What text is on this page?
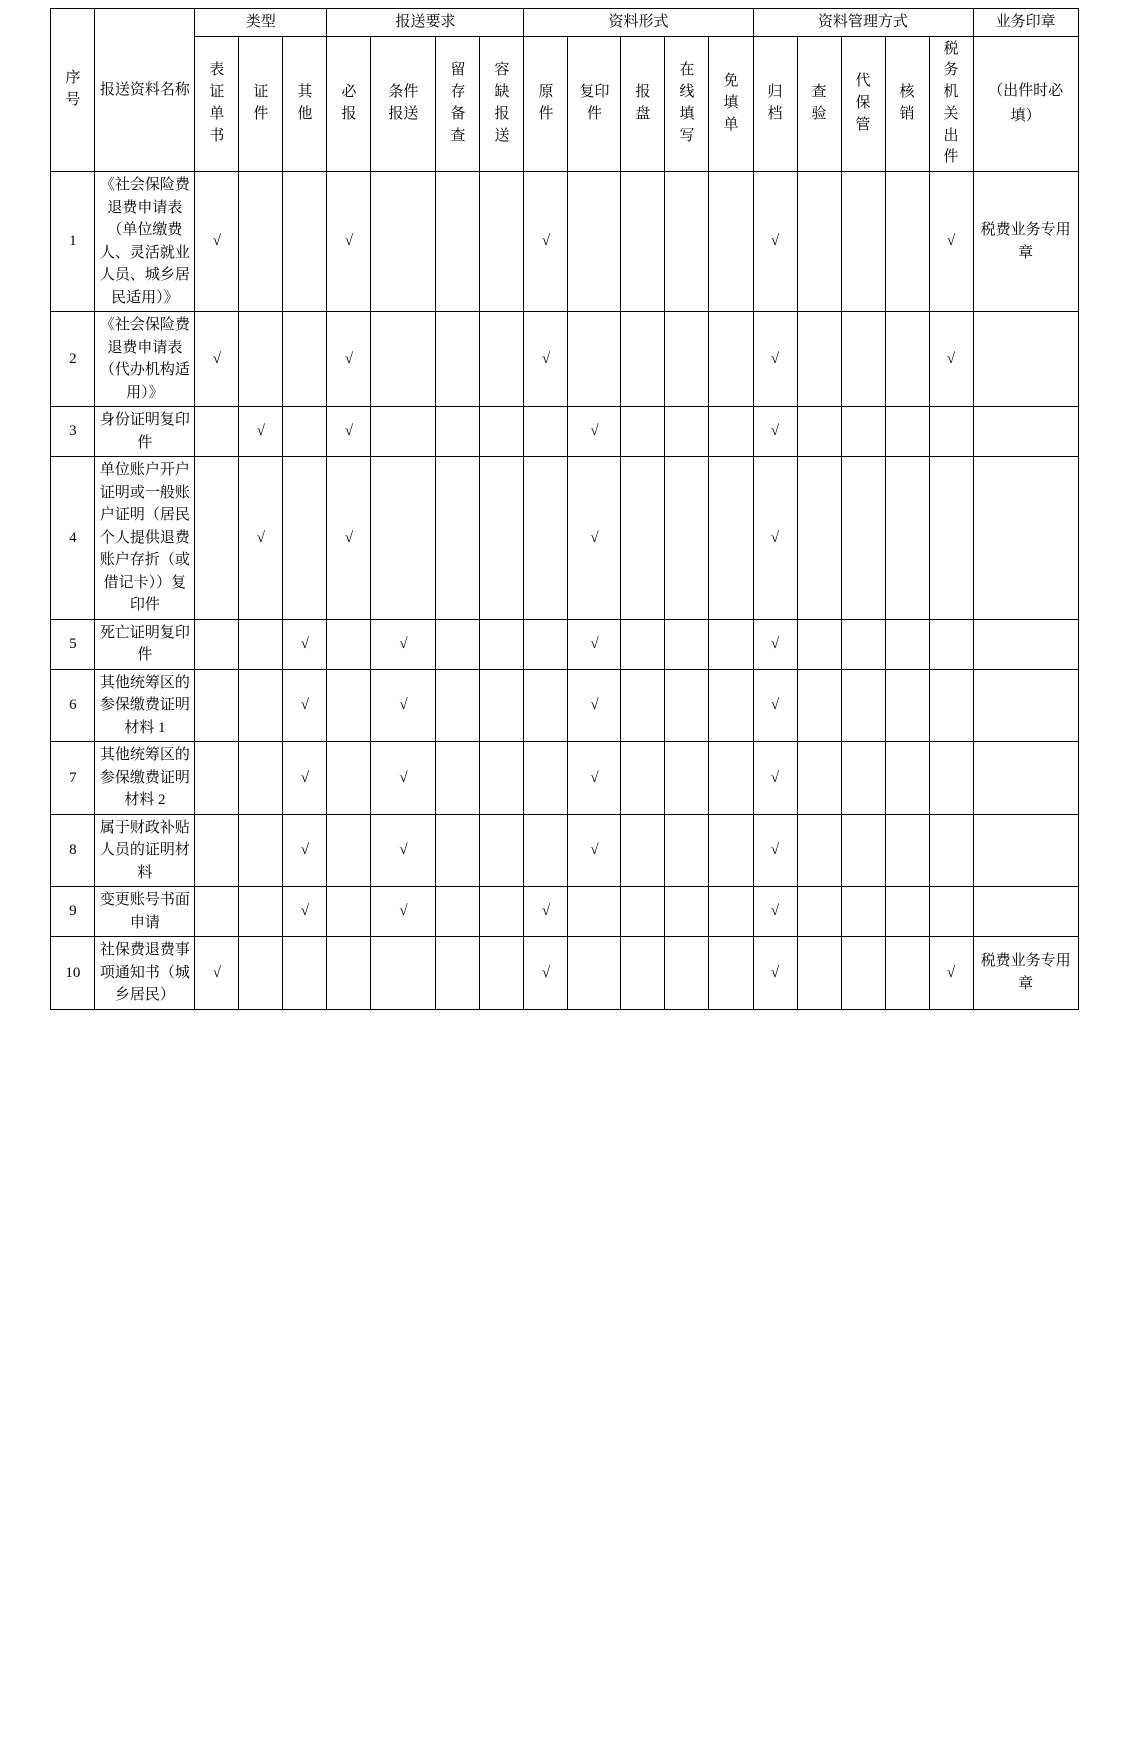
序号	报送资料名称	类型			报送要求				资料形式					资料管理方式					业务印章

		表证单书	证件	其他	必报	条件报送	留存备查	容缺报送	原件	复印件	报盘	在线填写	免填单	归档	查验	代保管	核销	税务机关出件	（出件时必填）

1	《社会保险费退费申请表（单位缴费人、灵活就业人员、城乡居民适用）》	√			√				√					√				√	税费业务专用章
2	《社会保险费退费申请表（代办机构适用）》	√			√				√					√				√	
3	身份证明复印件		√		√					√				√					
4	单位账户开户证明或一般账户证明（居民个人提供退费账户存折（或借记卡））复印件		√		√					√				√					
5	死亡证明复印件			√		√				√				√					
6	其他统筹区的参保缴费证明材料 1			√		√				√				√					
7	其他统筹区的参保缴费证明材料 2			√		√				√				√					
8	属于财政补贴人员的证明材料			√		√				√				√					
9	变更账号书面申请			√		√			√					√					
10	社保费退费事项通知书（城乡居民）	√							√					√				√	税费业务专用章
